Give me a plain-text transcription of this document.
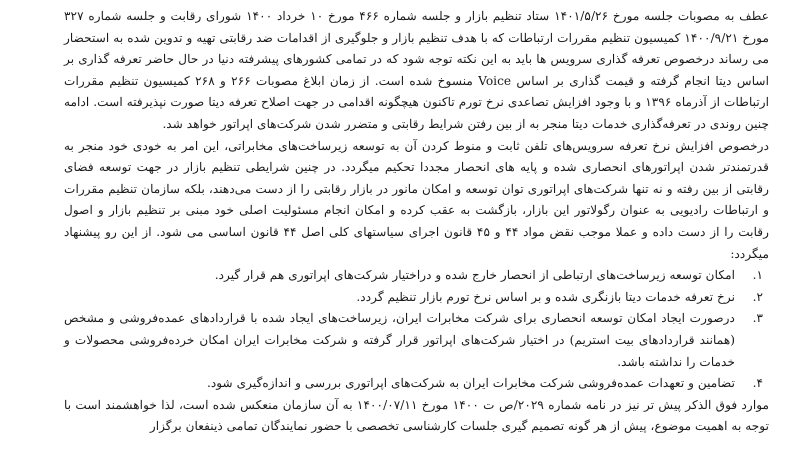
عطف به مصوبات جلسه مورخ ۱۴۰۱/۵/۲۶ ستاد تنظیم بازار و جلسه شماره ۴۶۶ مورخ ۱۰ خرداد ۱۴۰۰ شورای رقابت و جلسه شماره ۳۲۷ مورخ ۱۴۰۰/۹/۲۱ کمیسیون تنظیم مقررات ارتباطات که با هدف تنظیم بازار و جلوگیری از اقدامات ضد رقابتی تهیه و تدوین شده به استحضار می رساند درخصوص تعرفه گذاری سرویس ها باید به این نکته توجه شود که در تمامی کشورهای پیشرفته دنیا در حال حاضر تعرفه گذاری بر اساس دیتا انجام گرفته و قیمت گذاری بر اساس Voice منسوخ شده است. از زمان ابلاغ مصوبات ۲۶۶ و ۲۶۸ کمیسیون تنظیم مقررات ارتباطات از آذرماه ۱۳۹۶ و با وجود افزایش تصاعدی نرخ تورم تاکنون هیچگونه اقدامی در جهت اصلاح تعرفه دیتا صورت نپذیرفته است. ادامه چنین روندی در تعرفه‌گذاری خدمات دیتا منجر به از بین رفتن شرایط رقابتی و متضرر شدن شرکت‌های اپراتور خواهد شد.

درخصوص افزایش نرخ تعرفه سرویس‌های تلفن ثابت و منوط کردن آن به توسعه زیرساخت‌های مخابراتی، این امر به خودی خود منجر به قدرتمندتر شدن اپراتورهای انحصاری شده و پایه های انحصار مجددا تحکیم میگردد. در چنین شرایطی تنظیم بازار در جهت توسعه فضای رقابتی از بین رفته و نه تنها شرکت‌های اپراتوری توان توسعه و امکان مانور در بازار رقابتی را از دست می‌دهند، بلکه سازمان تنظیم مقررات و ارتباطات رادیویی به عنوان رگولاتور این بازار، بازگشت به عقب کرده و امکان انجام مسئولیت اصلی خود مبنی بر تنظیم بازار و اصول رقابت را از دست داده و عملا موجب نقض مواد ۴۴ و ۴۵ قانون اجرای سیاستهای کلی اصل ۴۴ قانون اساسی می شود. از این رو پیشنهاد میگردد:

۱.
امکان توسعه زیرساخت‌های ارتباطی از انحصار خارج شده و دراختیار شرکت‌های اپراتوری هم قرار گیرد.
۲.
نرخ تعرفه خدمات دیتا بازنگری شده و بر اساس نرخ تورم بازار تنظیم گردد.
۳.
درصورت ایجاد امکان توسعه انحصاری برای شرکت مخابرات ایران، زیرساخت‌های ایجاد شده با قراردادهای عمده‌فروشی و مشخص (همانند قراردادهای بیت استریم) در اختیار شرکت‌های اپراتور قرار گرفته و شرکت مخابرات ایران امکان خرده‌فروشی محصولات و خدمات را نداشته باشد.
۴.
تضامین و تعهدات عمده‌فروشی شرکت مخابرات ایران به شرکت‌های اپراتوری بررسی و اندازه‌گیری شود.

موارد فوق الذکر پیش تر نیز در نامه شماره ۲۰۲۹/ص ت ۱۴۰۰ مورخ ۱۴۰۰/۰۷/۱۱ به آن سازمان منعکس شده است، لذا خواهشمند است با توجه به اهمیت موضوع، پیش از هر گونه تصمیم گیری جلسات کارشناسی تخصصی با حضور نمایندگان تمامی ذینفعان برگزار
